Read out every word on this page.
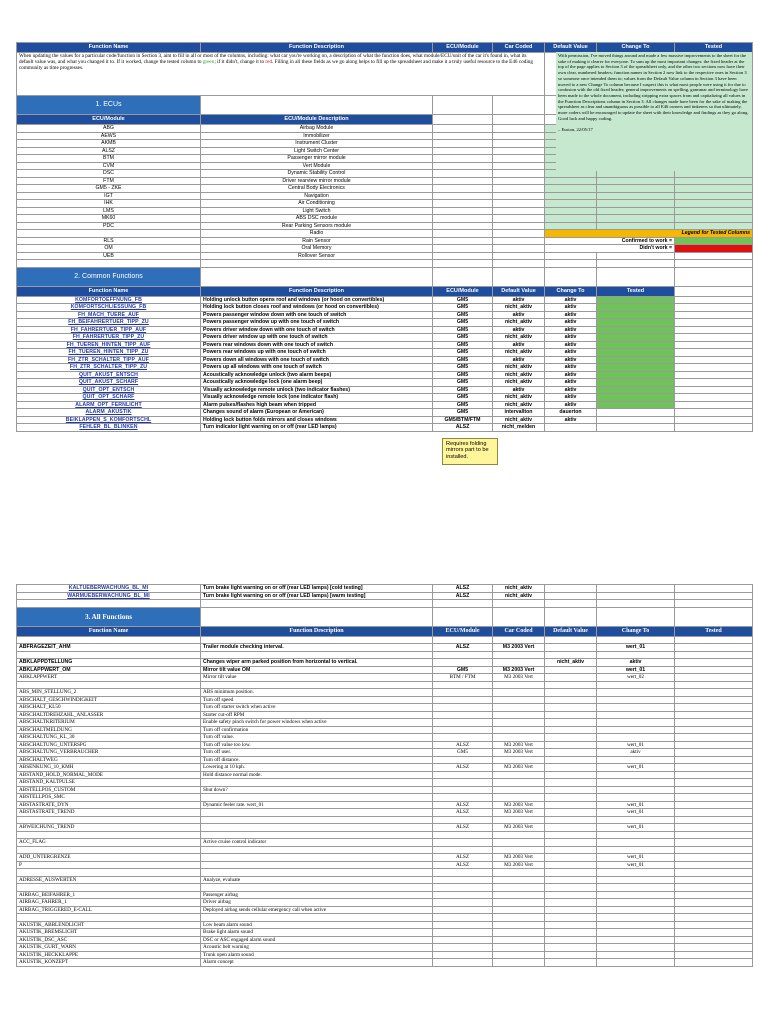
Function Name	Function Description	ECU/Module	Car Coded	Default Value	Change To	Tested
When updating the values for a particular code/function in Section 3, aim to fill in all or most of the columns, including: what car you're working on, a description of what the function does, what module/ECU/unit of the car it's found in, what its default value was, and what you changed it to. If it worked, change the tested column to green; if it didn't, change it to red. Filling in all these fields as we go along helps to fill up the spreadsheet and make it a truly useful resource to the E46 coding community as time progresses.						
1. ECUs						
ECU/Module	ECU/Module Description					
ABG	Airbag Module					
AEWS	Immobilizer					
AKMB	Instrument Cluster					
ALSZ	Light Switch Center					
BTM	Passenger mirror module					
CVM	Vert Module					
DSC	Dynamic Stability Control					
FTM	Driver rearview mirror module					
GM5 - ZKE	Central Body Electronics					
IGT	Navigation					
IHK	Air Conditioning					
LMS	Light Switch					
MK60	ABS DSC module					
PDC	Rear Parking Sensors module					
	Radio			Legend for Tested Columns		
RLS	Rain Sensor			Confirmed to work =		
OM	Oral Memory			Didn't work =		
UEB	Rollover Sensor					

2. Common Functions						
Function Name	Function Description	ECU/Module	Default Value	Change To	Tested	
KOMFORTOEFFNUNG_FB	Holding unlock button opens roof and windows (or hood on convertibles)	GM5	aktiv	aktiv		
KOMFORTSCHLIESSUNG_FB	Holding lock button closes roof and windows (or hood on convertibles)	GM5	nicht_aktiv	aktiv		
FH_MACH_TUERE_AUF	Powers passenger window down with one touch of switch	GM5	aktiv	aktiv		
FH_BEIFAHRERTUER_TIPP_ZU	Powers passenger window up with one touch of switch	GM5	nicht_aktiv	aktiv		
FH_FAHRERTUER_TIPP_AUF	Powers driver window down with one touch of switch	GM5	aktiv	aktiv		
FH_FAHRERTUER_TIPP_ZU	Powers driver window up with one touch of switch	GM5	nicht_aktiv	aktiv		
FH_TUEREN_HINTEN_TIPP_AUF	Powers rear windows down with one touch of switch	GM5	aktiv	aktiv		
FH_TUEREN_HINTEN_TIPP_ZU	Powers rear windows up with one touch of switch	GM5	nicht_aktiv	aktiv		
FH_ZTR_SCHALTER_TIPP_AUF	Powers down all windows with one touch of switch	GM5	aktiv	aktiv		
FH_ZTR_SCHALTER_TIPP_ZU	Powers up all windows with one touch of switch	GM5	nicht_aktiv	aktiv		
QUIT_AKUST_ENTSCH	Acoustically acknowledge unlock (two alarm beeps)	GM5	nicht_aktiv	aktiv		
QUIT_AKUST_SCHARF	Acoustically acknowledge lock (one alarm beep)	GM5	nicht_aktiv	aktiv		
QUIT_OPT_ENTSCH	Visually acknowledge remote unlock (two indicator flashes)	GM5	aktiv	aktiv		
QUIT_OPT_SCHARF	Visually acknowledge remote lock (one indicator flash)	GM5	nicht_aktiv	aktiv		
ALARM_OPT_FERNLICHT	Alarm pulses/flashes high beam when tripped	GM5	nicht_aktiv	aktiv		
ALARM_AKUSTIK	Changes sound of alarm (European or American)	GM5	intervallton	dauerton		
BEIKLAPPEN_S_KOMFORTSCHL	Holding lock button folds mirrors and closes windows	GM5/BTM/FTM	nicht_aktiv	aktiv		
FEHLER_BL_BLINKEN	Turn indicator light warning on or off (rear LED lamps)	ALSZ	nicht_melden			
With permission, I've moved things around and made a few massive improvements to the sheet for the sake of making it clearer for everyone. To sum up the most important changes: the fixed header at the top of the page applies to Section 3 of the spreadsheet only, and the other two sections now have their own clear, numbered headers; function names in Section 2 now link to the respective ones in Section 3 so someone once intended them to; values from the Default Value column in Section 3 have been moved to a new Change To column because I suspect this is what most people were using it for due to confusion with the old fixed header; general improvements on spelling, grammar and terminology have been made to the whole document, including stripping extra spaces from and capitalizing all values in the Function Descriptions column in Section 3. All changes made have been for the sake of making the spreadsheet as clear and unambiguous as possible to all E46 owners and tinkerers so that ultimately, more coders will be encouraged to update the sheet with their knowledge and findings as they go along. Good luck and happy coding.

– Euston, 22/05/17
Requires folding mirrors part to be installed.
KALTUEBERWACHUNG_BL_MI	Turn brake light warning on or off (rear LED lamps) [cold testing]	ALSZ	nicht_aktiv			
WARMUEBERWACHUNG_BL_MI	Turn brake light warning on or off (rear LED lamps) [warm testing]	ALSZ	nicht_aktiv			

3. All Functions						
Function Name	Function Description	ECU/Module	Car Coded	Default Value	Change To	Tested

ABFRAGEZEIT_AHM	Trailer module checking interval.	ALSZ	M3 2003 Vert		wert_01	

ABKLAPPDTELLUNG	Changes wiper arm parked position from horizontal to vertical.			nicht_aktiv	aktiv	
ABKLAPPWERT_OM	Mirror tilt value OM	GM5	M3 2003 Vert		wert_01	
ABKLAPPWERT	Mirror tilt value	BTM / FTM	M3 2003 Vert		wert_02	

ABS_MIN_STELLUNG_2	ABS minimum position.					
ABSCHALT_GESCHWINDIGKEIT	Turn off speed					
ABSCHALT_KL50	Turn off starter switch when active					
ABSCHALTDREHZAHL_ANLASSER	Starter cut-off RPM					
ABSCHALTKRITERIUM	Enable safety pinch switch for power windows when active					
ABSCHALTMELDUNG	Turn off confirmation					
ABSCHALTUNG_KL_30	Turn off value.					
ABSCHALTUNG_UNTERSPG	Turn off value too low.	ALSZ	M3 2003 Vert		wert_01	
ABSCHALTUNG_VERBRAUCHER	Turn off user.	GM5	M3 2003 Vert		aktiv	
ABSCHALTWEG	Turn off distance.					
ABSENKUNG_10_KMH	Lowering at 10 kph.	ALSZ	M3 2003 Vert		wert_01	
ABSTAND_HOLD_NORMAL_MODE	Hold distance normal mode.					
ABSTAND_KALTPULSE						
ABSTELLPOS_CUSTOM	Shut down?					
ABSTELLPOS_SMC						
ABSTASTRATE_DYN	Dynamic feeler rate. wert_01	ALSZ	M3 2003 Vert		wert_01	
ABSTASTRATE_TREND		ALSZ	M3 2003 Vert		wert_01	

ABWEICHUNG_TREND		ALSZ	M3 2003 Vert		wert_01	

ACC_FLAG	Active cruise control indicator					

ADD_UNTERGRENZE		ALSZ	M3 2003 Vert		wert_01	
P		ALSZ	M3 2003 Vert		wert_01	

ADRESSE_AUSWERTEN	Analyze, evaluate					

AIRBAG_BEIFAHRER_1	Passenger airbag					
AIRBAG_FAHRER_1	Driver airbag					
AIRBAG_TRIGGERED_E-CALL	Deployed airbag sends cellular emergency call when active					

AKUSTIK_ABBLENDLICHT	Low beam alarm sound					
AKUSTIK_BREMSLICHT	Brake light alarm sound					
AKUSTIK_DSC_ASC	DSC or ASC engaged alarm sound					
AKUSTIK_GURT_WARN	Acoustic belt warning					
AKUSTIK_HECKKLAPPE	Trunk open alarm sound					
AKUSTIK_KONZEPT	Alarm concept					
